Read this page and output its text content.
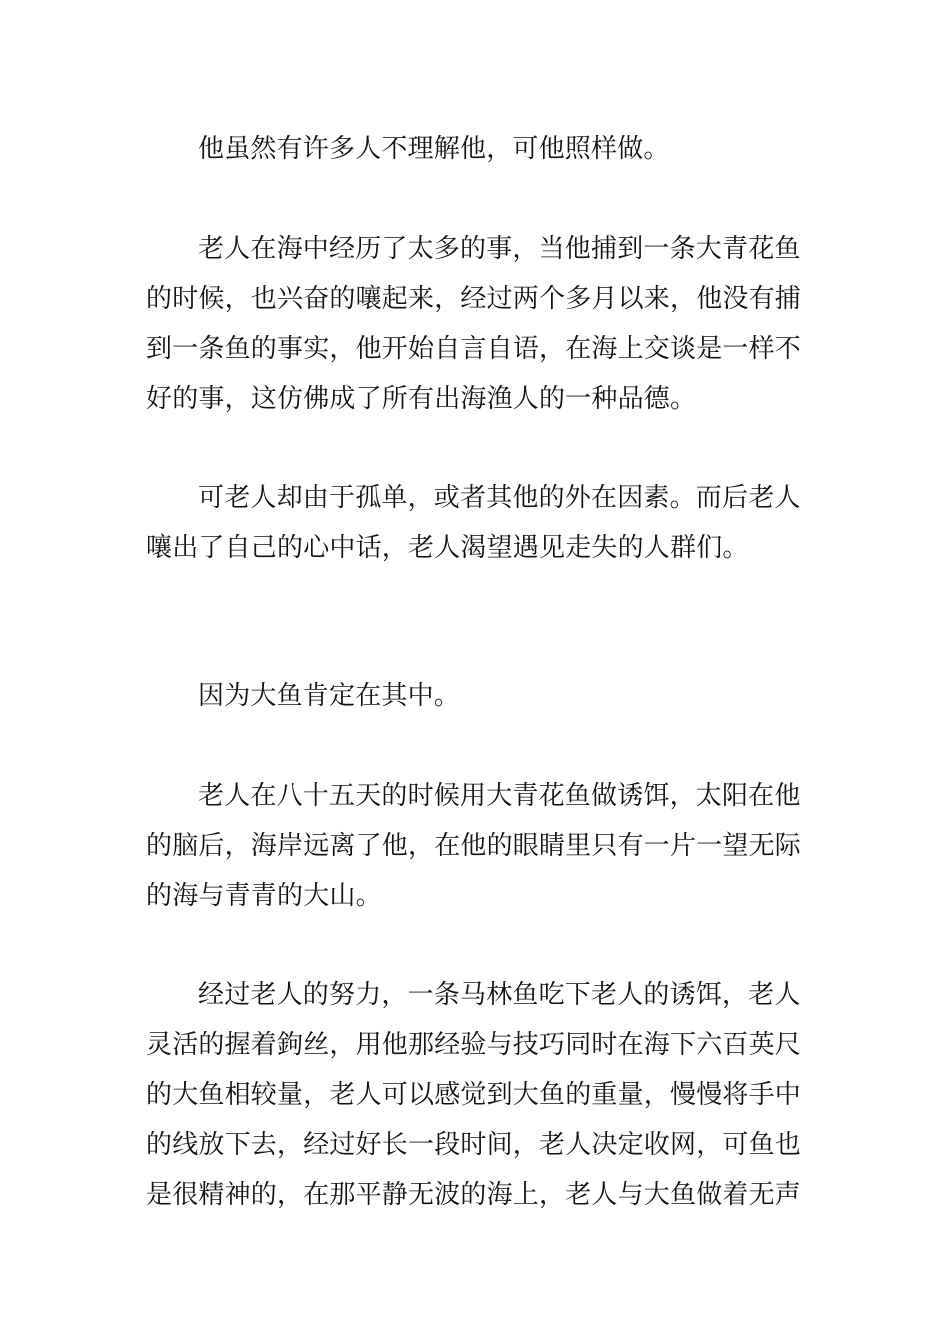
他虽然有许多人不理解他，可他照样做。

老人在海中经历了太多的事，当他捕到一条大青花鱼
的时候，也兴奋的嚷起来，经过两个多月以来，他没有捕
到一条鱼的事实，他开始自言自语，在海上交谈是一样不
好的事，这仿佛成了所有出海渔人的一种品德。

可老人却由于孤单，或者其他的外在因素。而后老人
嚷出了自己的心中话，老人渴望遇见走失的人群们。

因为大鱼肯定在其中。

老人在八十五天的时候用大青花鱼做诱饵，太阳在他
的脑后，海岸远离了他，在他的眼睛里只有一片一望无际
的海与青青的大山。

经过老人的努力，一条马林鱼吃下老人的诱饵，老人
灵活的握着鉤丝，用他那经验与技巧同时在海下六百英尺
的大鱼相较量，老人可以感觉到大鱼的重量，慢慢将手中
的线放下去，经过好长一段时间，老人决定收网，可鱼也
是很精神的，在那平静无波的海上，老人与大鱼做着无声
